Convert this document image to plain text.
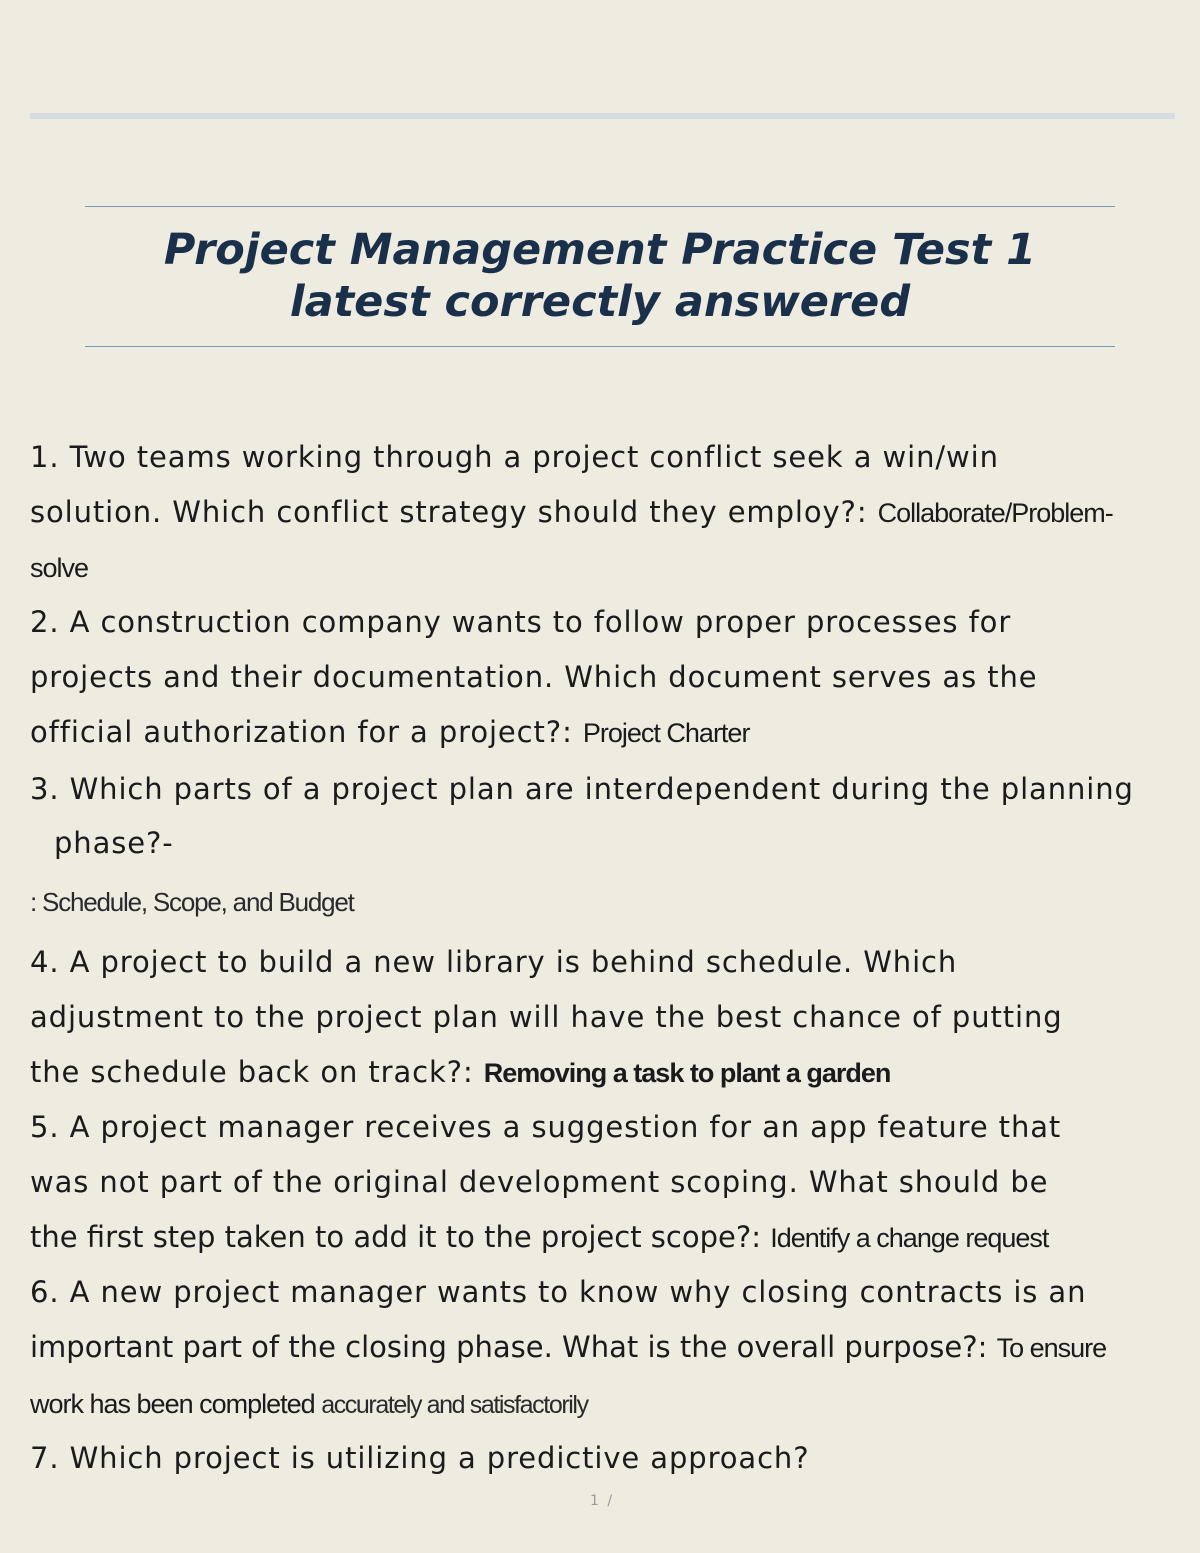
Project Management Practice Test 1
latest correctly answered
1. Two teams working through a project conflict seek a win/win
solution. Which conflict strategy should they employ?: Collaborate/Problem-
solve
2. A construction company wants to follow proper processes for
projects and their documentation. Which document serves as the
official authorization for a project?: Project Charter
3. Which parts of a project plan are interdependent during the planning
phase?-
: Schedule, Scope, and Budget
4. A project to build a new library is behind schedule. Which
adjustment to the project plan will have the best chance of putting
the schedule back on track?: Removing a task to plant a garden
5. A project manager receives a suggestion for an app feature that
was not part of the original development scoping. What should be
the first step taken to add it to the project scope?: Identify a change request
6. A new project manager wants to know why closing contracts is an
important part of the closing phase. What is the overall purpose?: To ensure
work has been completed accurately and satisfactorily
7. Which project is utilizing a predictive approach?
1 /
